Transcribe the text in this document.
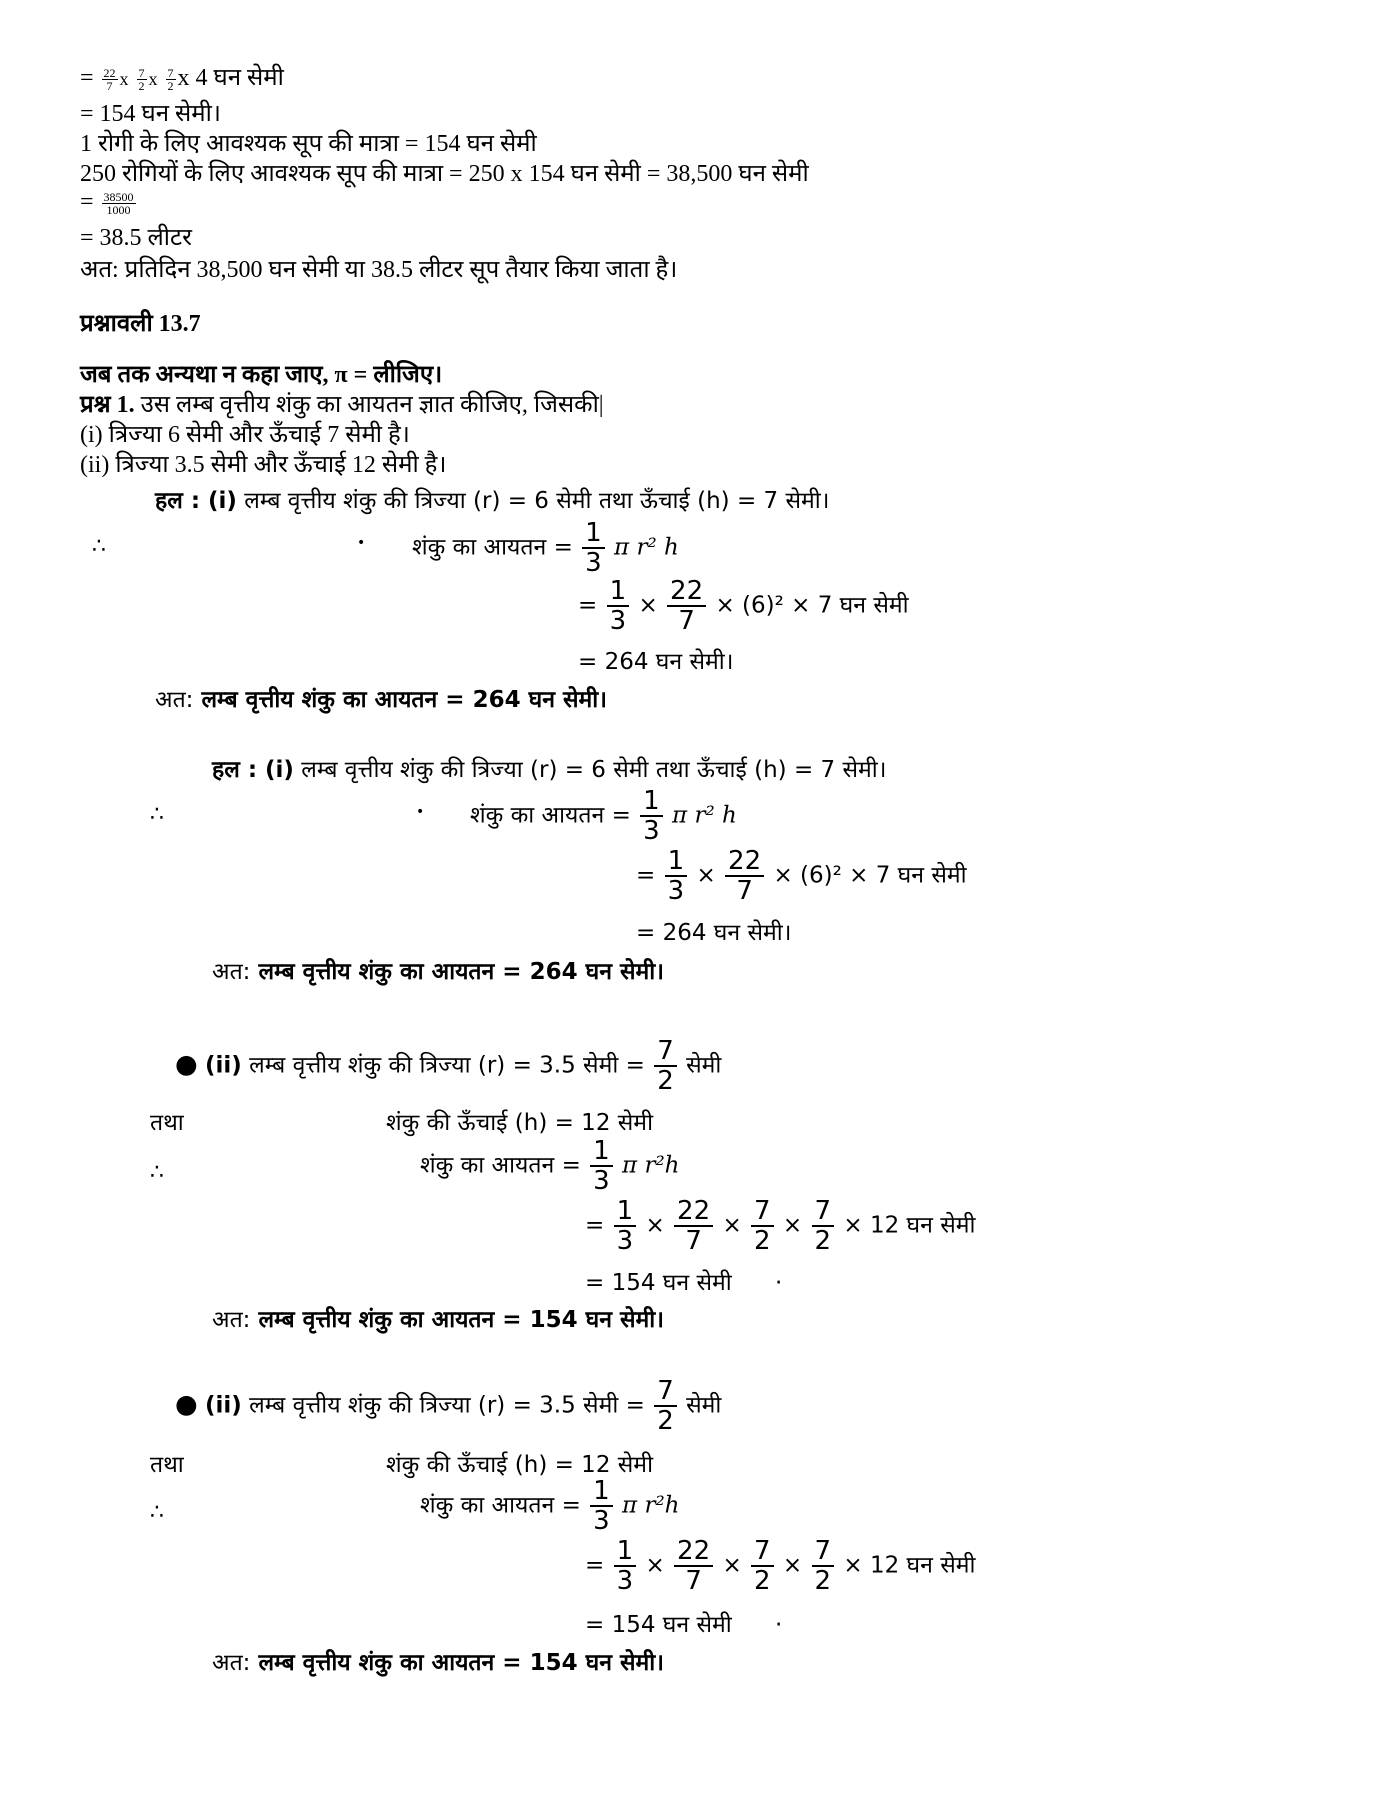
= $\frac{22}{7}$ x $\frac{7}{2}$ x $\frac{7}{2}$ x 4 घन सेमी
= 154 घन सेमी।
1 रोगी के लिए आवश्यक सूप की मात्रा = 154 घन सेमी
250 रोगियों के लिए आवश्यक सूप की मात्रा = 250 x 154 घन सेमी = 38,500 घन सेमी
= $\frac{38500}{1000}$
= 38.5 लीटर
अत: प्रतिदिन 38,500 घन सेमी या 38.5 लीटर सूप तैयार किया जाता है।
प्रश्नावली 13.7
जब तक अन्यथा न कहा जाए, π = लीजिए।
प्रश्न 1. उस लम्ब वृत्तीय शंकु का आयतन ज्ञात कीजिए, जिसकी|
(i) त्रिज्या 6 सेमी और ऊँचाई 7 सेमी है।
(ii) त्रिज्या 3.5 सेमी और ऊँचाई 12 सेमी है।
हल : (i) लम्ब वृत्तीय शंकु की त्रिज्या (r) = 6 सेमी तथा ऊँचाई (h) = 7 सेमी।
∴	• शंकु का आयतन = $\frac{1}{3}$ π r² h
= $\frac{1}{3} \times \frac{22}{7} \times (6)^2 \times 7$ घन सेमी
= 264 घन सेमी।
अत: लम्ब वृत्तीय शंकु का आयतन = 264 घन सेमी।
हल : (i) लम्ब वृत्तीय शंकु की त्रिज्या (r) = 6 सेमी तथा ऊँचाई (h) = 7 सेमी।
∴	• शंकु का आयतन = $\frac{1}{3}$ π r² h
= $\frac{1}{3} \times \frac{22}{7} \times (6)^2 \times 7$ घन सेमी
= 264 घन सेमी।
अत: लम्ब वृत्तीय शंकु का आयतन = 264 घन सेमी।
● (ii) लम्ब वृत्तीय शंकु की त्रिज्या (r) = 3.5 सेमी = $\frac{7}{2}$ सेमी
तथा	शंकु की ऊँचाई (h) = 12 सेमी
∴	शंकु का आयतन = $\frac{1}{3}$ π r²h
= $\frac{1}{3} \times \frac{22}{7} \times \frac{7}{2} \times \frac{7}{2} \times 12$ घन सेमी
= 154 घन सेमी ·
अत: लम्ब वृत्तीय शंकु का आयतन = 154 घन सेमी।
● (ii) लम्ब वृत्तीय शंकु की त्रिज्या (r) = 3.5 सेमी = $\frac{7}{2}$ सेमी
तथा	शंकु की ऊँचाई (h) = 12 सेमी
∴	शंकु का आयतन = $\frac{1}{3}$ π r²h
= $\frac{1}{3} \times \frac{22}{7} \times \frac{7}{2} \times \frac{7}{2} \times 12$ घन सेमी
= 154 घन सेमी ·
अत: लम्ब वृत्तीय शंकु का आयतन = 154 घन सेमी।
